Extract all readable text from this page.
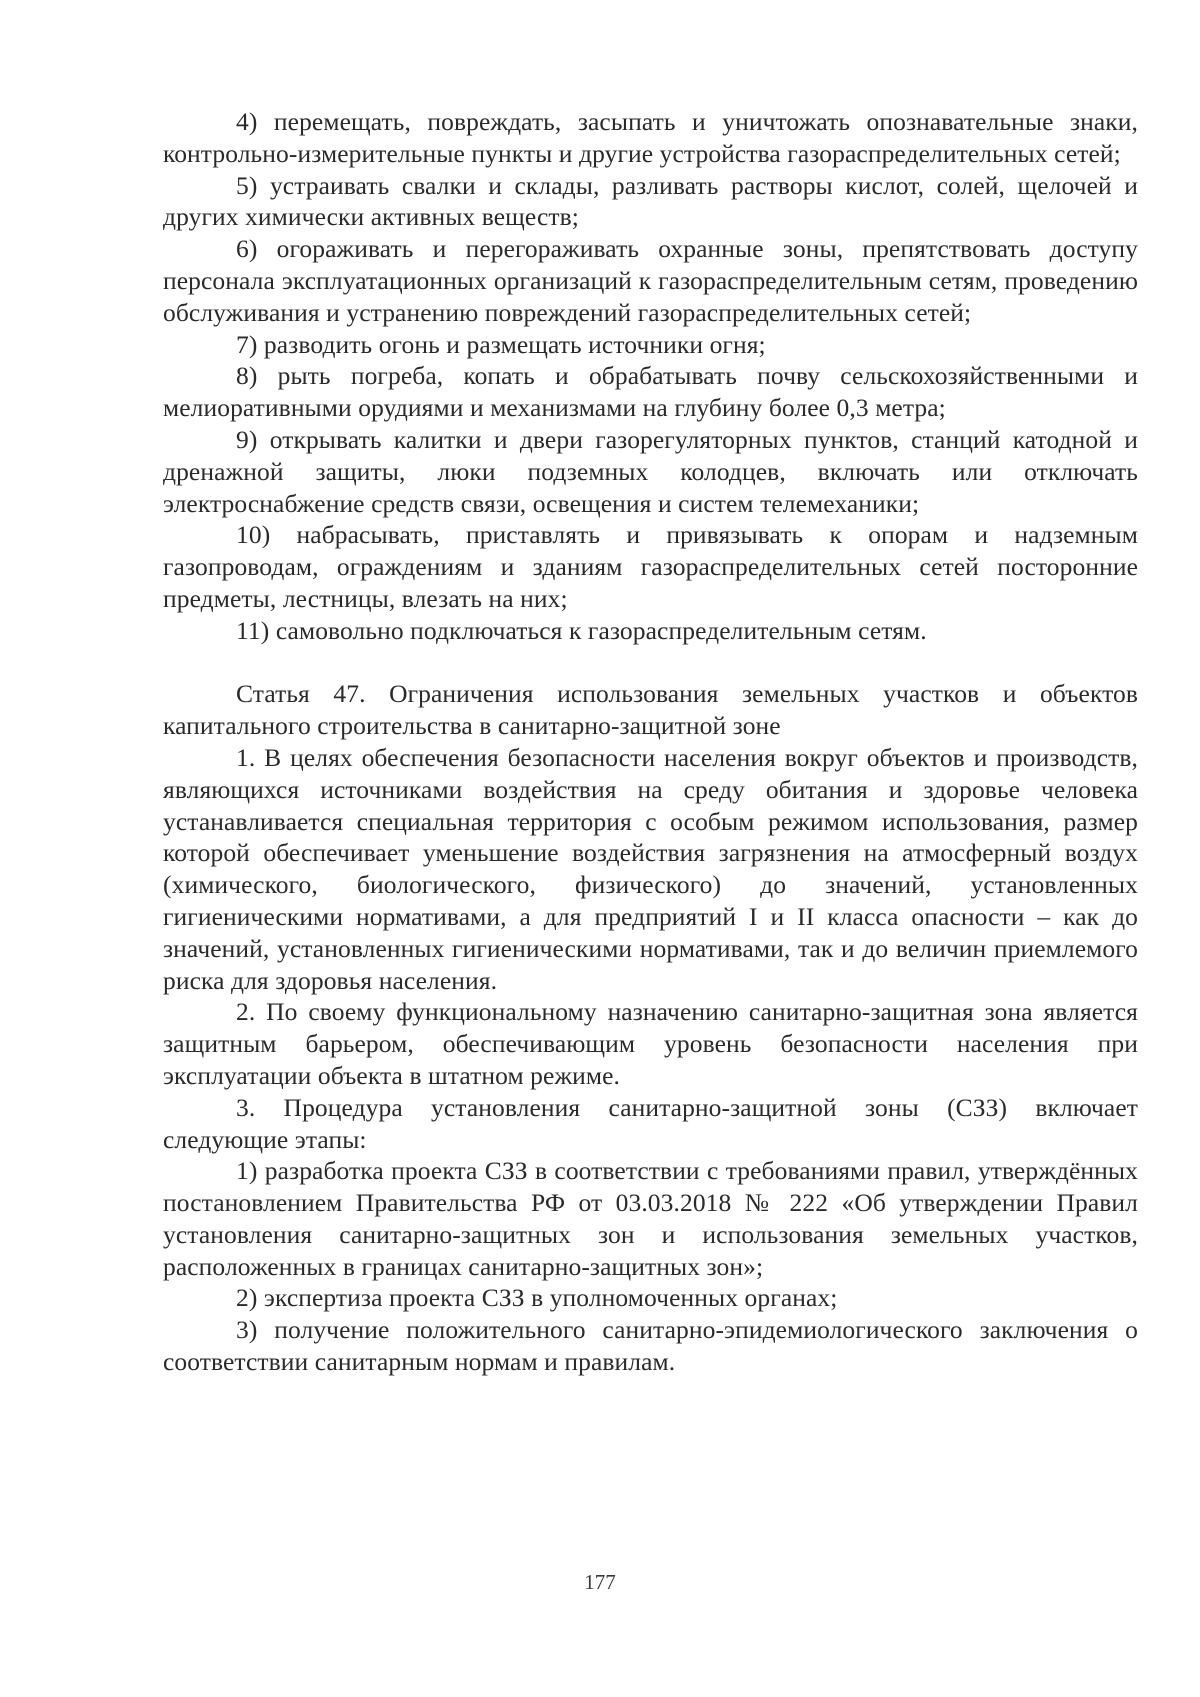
4) перемещать, повреждать, засыпать и уничтожать опознавательные знаки, контрольно-измерительные пункты и другие устройства газораспределительных сетей;

5) устраивать свалки и склады, разливать растворы кислот, солей, щелочей и других химически активных веществ;

6) огораживать и перегораживать охранные зоны, препятствовать доступу персонала эксплуатационных организаций к газораспределительным сетям, проведению обслуживания и устранению повреждений газораспределительных сетей;

7) разводить огонь и размещать источники огня;

8) рыть погреба, копать и обрабатывать почву сельскохозяйственными и мелиоративными орудиями и механизмами на глубину более 0,3 метра;

9) открывать калитки и двери газорегуляторных пунктов, станций катодной и дренажной защиты, люки подземных колодцев, включать или отключать электроснабжение средств связи, освещения и систем телемеханики;

10) набрасывать, приставлять и привязывать к опорам и надземным газопроводам, ограждениям и зданиям газораспределительных сетей посторонние предметы, лестницы, влезать на них;

11) самовольно подключаться к газораспределительным сетям.

Статья 47. Ограничения использования земельных участков и объектов капитального строительства в санитарно-защитной зоне

1. В целях обеспечения безопасности населения вокруг объектов и производств, являющихся источниками воздействия на среду обитания и здоровье человека устанавливается специальная территория с особым режимом использования, размер которой обеспечивает уменьшение воздействия загрязнения на атмосферный воздух (химического, биологического, физического) до значений, установленных гигиеническими нормативами, а для предприятий I и II класса опасности – как до значений, установленных гигиеническими нормативами, так и до величин приемлемого риска для здоровья населения.

2. По своему функциональному назначению санитарно-защитная зона является защитным барьером, обеспечивающим уровень безопасности населения при эксплуатации объекта в штатном режиме.

3. Процедура установления санитарно-защитной зоны (СЗЗ) включает следующие этапы:

1) разработка проекта СЗЗ в соответствии с требованиями правил, утверждённых постановлением Правительства РФ от 03.03.2018 № 222 «Об утверждении Правил установления санитарно-защитных зон и использования земельных участков, расположенных в границах санитарно-защитных зон»;

2) экспертиза проекта СЗЗ в уполномоченных органах;

3) получение положительного санитарно-эпидемиологического заключения о соответствии санитарным нормам и правилам.

177
